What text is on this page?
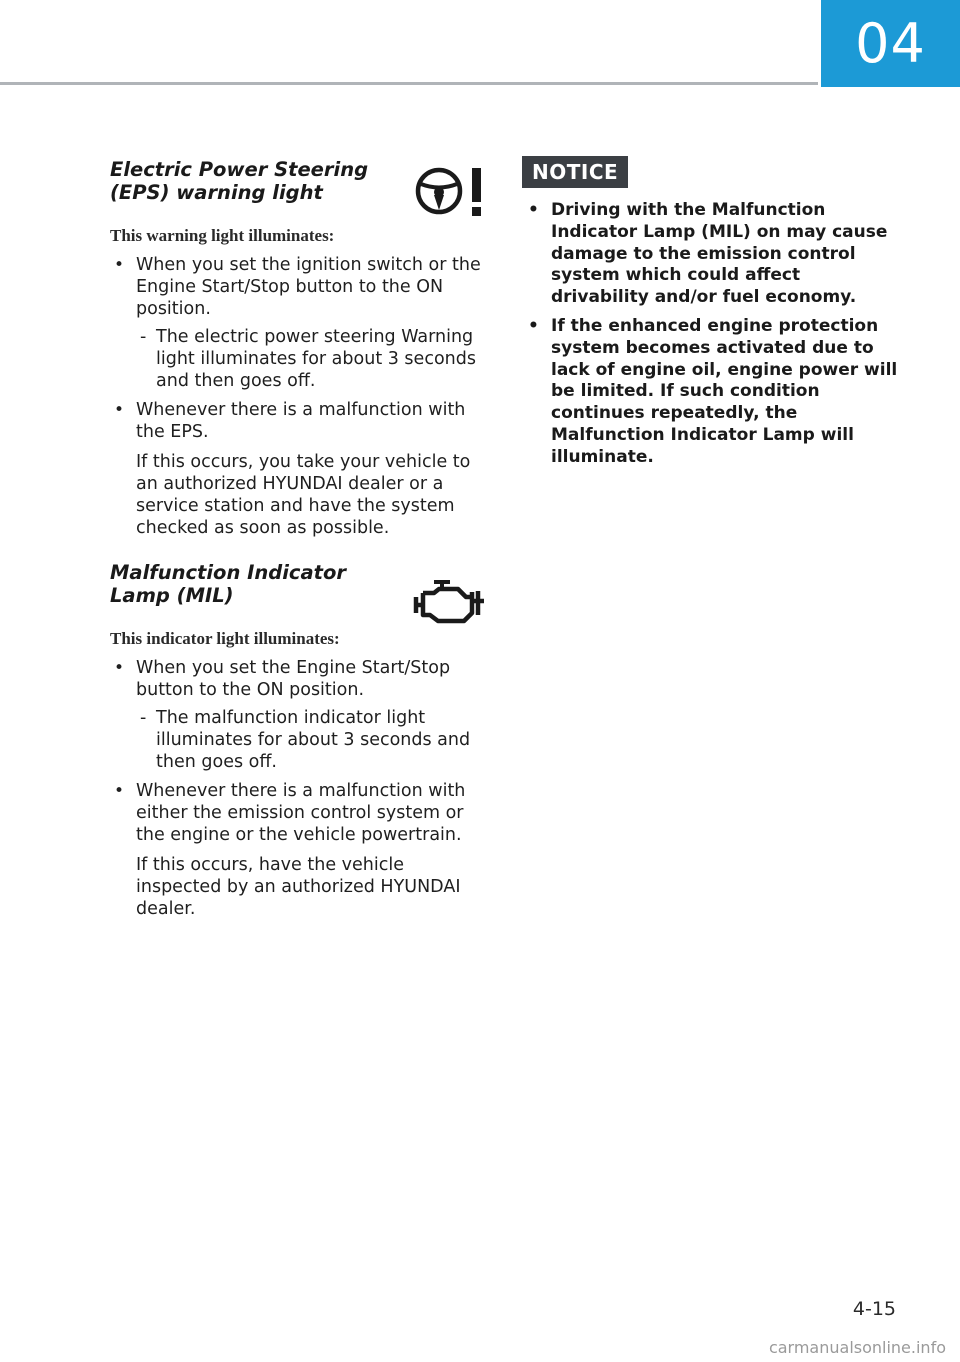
04
Electric Power Steering (EPS) warning light

This warning light illuminates:

• When you set the ignition switch or the Engine Start/Stop button to the ON position.
- The electric power steering Warning light illuminates for about 3 seconds and then goes off.
• Whenever there is a malfunction with the EPS.
If this occurs, you take your vehicle to an authorized HYUNDAI dealer or a service station and have the system checked as soon as possible.
Malfunction Indicator Lamp (MIL)

This indicator light illuminates:

• When you set the Engine Start/Stop button to the ON position.
- The malfunction indicator light illuminates for about 3 seconds and then goes off.
• Whenever there is a malfunction with either the emission control system or the engine or the vehicle powertrain.
If this occurs, have the vehicle inspected by an authorized HYUNDAI dealer.
NOTICE
• Driving with the Malfunction Indicator Lamp (MIL) on may cause damage to the emission control system which could affect drivability and/or fuel economy.
• If the enhanced engine protection system becomes activated due to lack of engine oil, engine power will be limited. If such condition continues repeatedly, the Malfunction Indicator Lamp will illuminate.
4-15
carmanualsonline.info
